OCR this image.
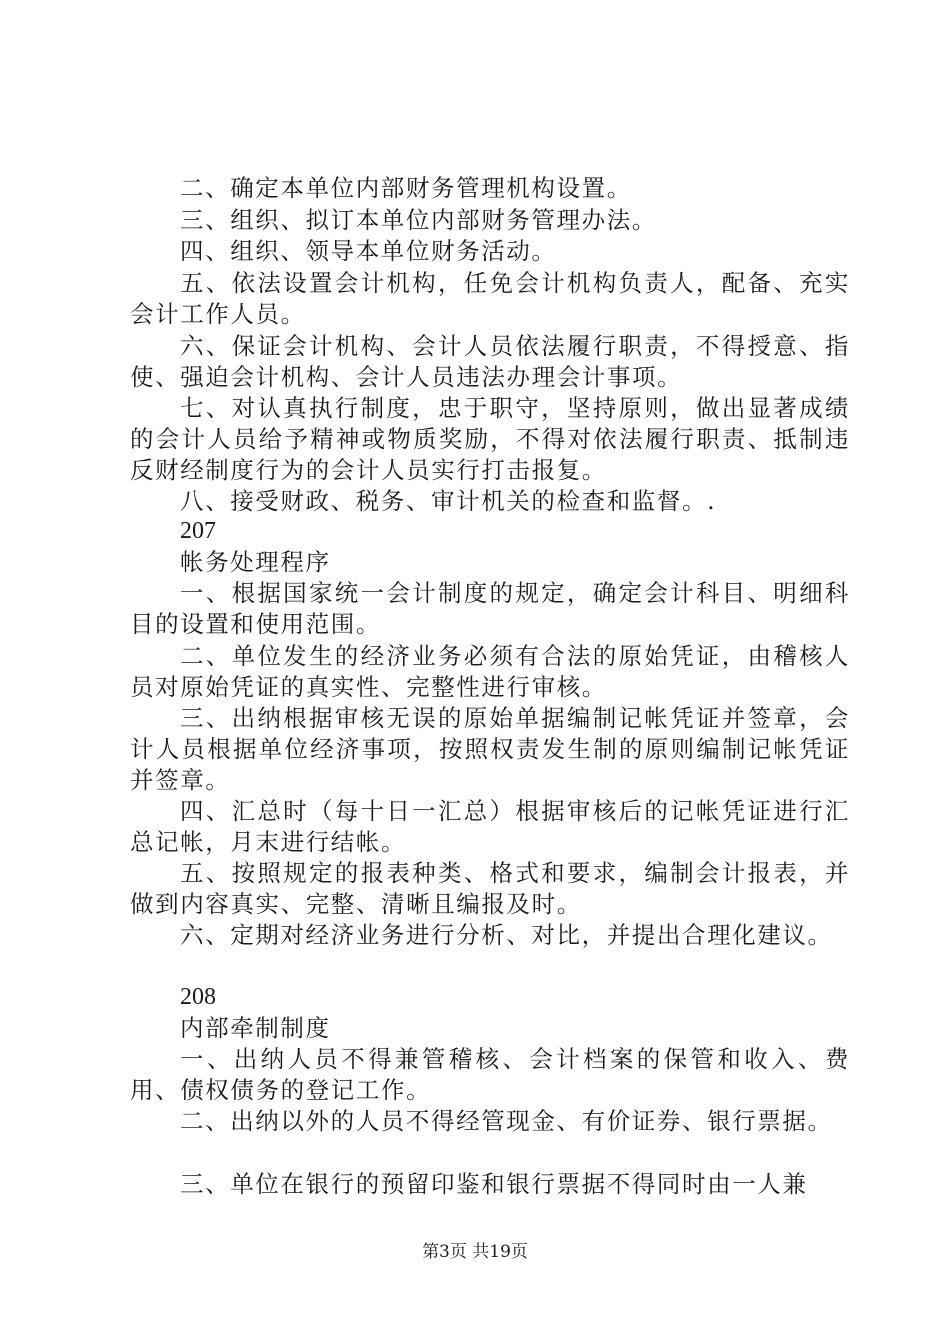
二、确定本单位内部财务管理机构设置。
三、组织、拟订本单位内部财务管理办法。
四、组织、领导本单位财务活动。

五、依法设置会计机构，任免会计机构负责人，配备、充实会计工作人员。

六、保证会计机构、会计人员依法履行职责，不得授意、指使、强迫会计机构、会计人员违法办理会计事项。

七、对认真执行制度，忠于职守，坚持原则，做出显著成绩的会计人员给予精神或物质奖励，不得对依法履行职责、抵制违反财经制度行为的会计人员实行打击报复。

八、接受财政、税务、审计机关的检查和监督。.
207
帐务处理程序

一、根据国家统一会计制度的规定，确定会计科目、明细科目的设置和使用范围。

二、单位发生的经济业务必须有合法的原始凭证，由稽核人员对原始凭证的真实性、完整性进行审核。

三、出纳根据审核无误的原始单据编制记帐凭证并签章，会计人员根据单位经济事项，按照权责发生制的原则编制记帐凭证并签章。

四、汇总时（每十日一汇总）根据审核后的记帐凭证进行汇总记帐，月末进行结帐。

五、按照规定的报表种类、格式和要求，编制会计报表，并做到内容真实、完整、清晰且编报及时。

六、定期对经济业务进行分析、对比，并提出合理化建议。
208
内部牵制制度

一、出纳人员不得兼管稽核、会计档案的保管和收入、费用、债权债务的登记工作。

二、出纳以外的人员不得经管现金、有价证券、银行票据。
三、单位在银行的预留印鉴和银行票据不得同时由一人兼
第3页 共19页
